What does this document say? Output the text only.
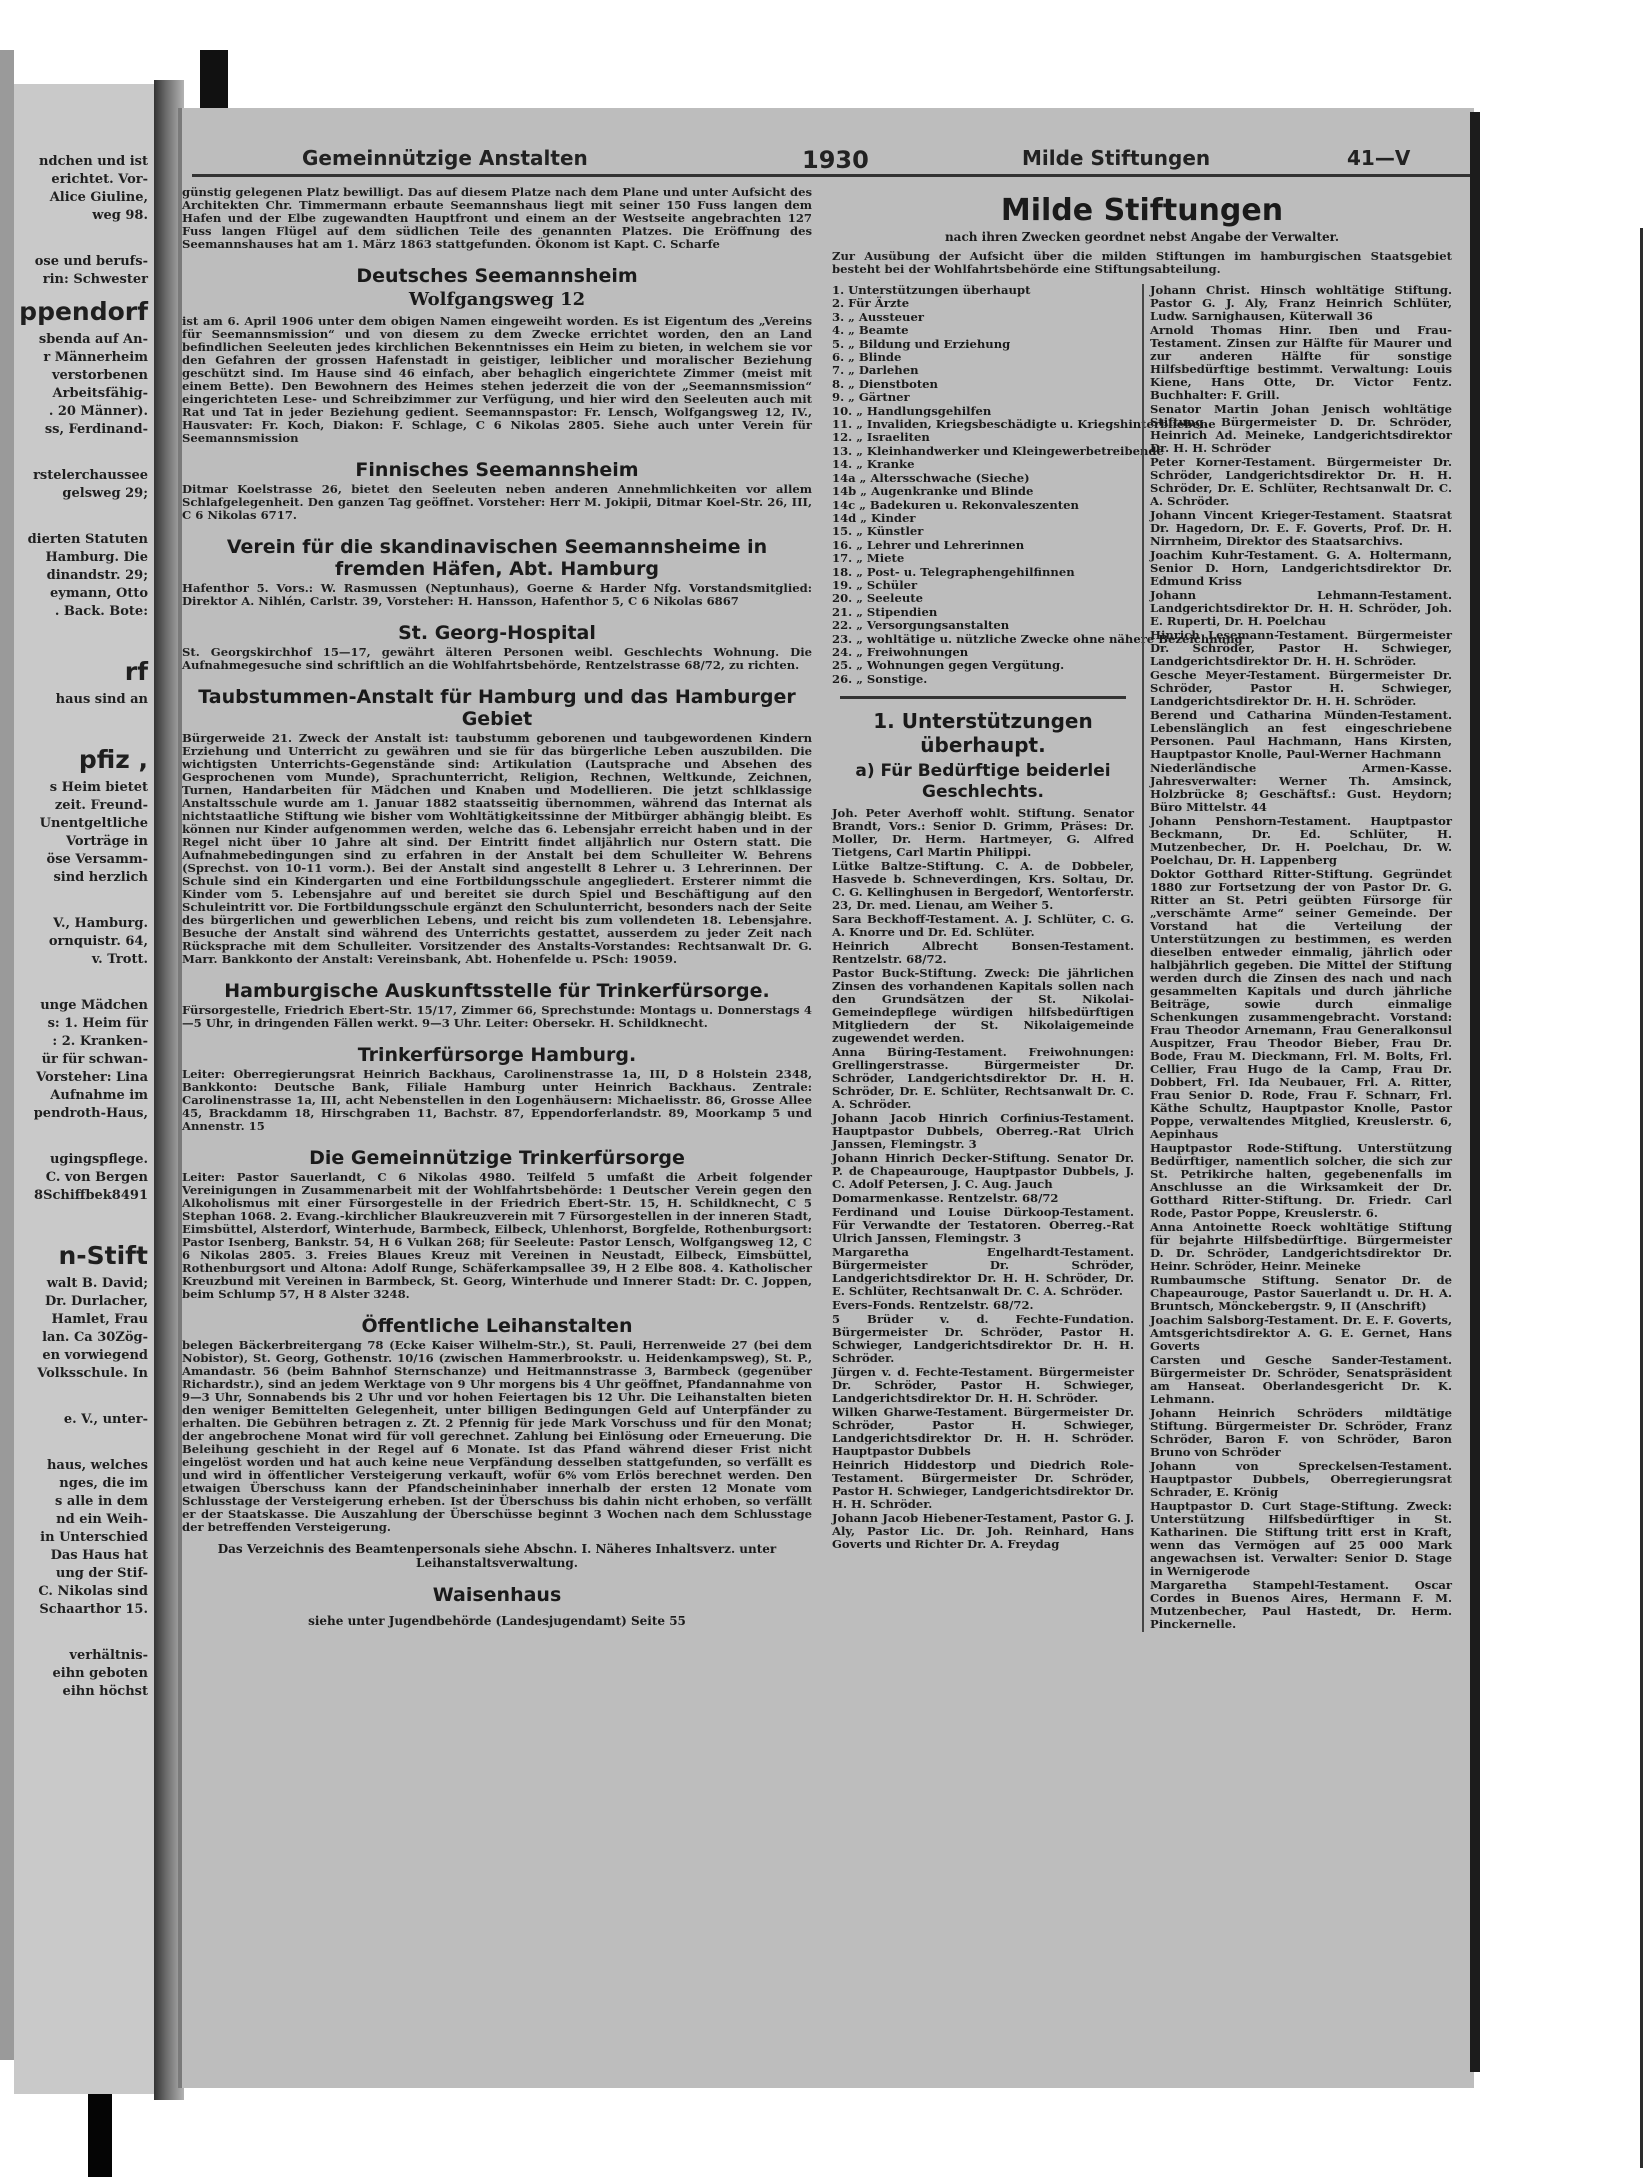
ndchen und ist
erichtet. Vor-
Alice Giuline,
weg 98.
ose und berufs-
rin: Schwester
ppendorf
sbenda auf An-
r Männerheim
verstorbenen
Arbeitsfähig-
. 20 Männer).
ss, Ferdinand-
rstelerchaussee
gelsweg 29;
dierten Statuten
Hamburg. Die
dinandstr. 29;
eymann, Otto
. Back. Bote:
rf
haus sind an
pfiz ,
s Heim bietet
zeit. Freund-
Unentgeltliche
Vorträge in
öse Versamm-
sind herzlich
V., Hamburg.
ornquistr. 64,
v. Trott.
unge Mädchen
s: 1. Heim für
: 2. Kranken-
ür für schwan-
Vorsteher: Lina
Aufnahme im
pendroth-Haus,
ugingspflege.
C. von Bergen
8Schiffbek8491
n-Stift
walt B. David;
Dr. Durlacher,
Hamlet, Frau
lan. Ca 30Zög-
en vorwiegend
Volksschule. In
e. V., unter-
haus, welches
nges, die im
s alle in dem
nd ein Weih-
in Unterschied
Das Haus hat
ung der Stif-
C. Nikolas sind
Schaarthor 15.
verhältnis-
eihn geboten
eihn höchst
Gemeinnützige Anstalten	1930	Milde Stiftungen	41—V

günstig gelegenen Platz bewilligt. Das auf diesem Platze nach dem Plane und unter Aufsicht des Architekten Chr. Timmermann erbaute Seemannshaus liegt mit seiner 150 Fuss langen dem Hafen und der Elbe zugewandten Hauptfront und einem an der Westseite angebrachten 127 Fuss langen Flügel auf dem südlichen Teile des genannten Platzes. Die Eröffnung des Seemannshauses hat am 1. März 1863 stattgefunden. Ökonom ist Kapt. C. Scharfe

Deutsches Seemannsheim

Wolfgangsweg 12

ist am 6. April 1906 unter dem obigen Namen eingeweiht worden. Es ist Eigentum des „Vereins für Seemannsmission“ und von diesem zu dem Zwecke errichtet worden, den an Land befindlichen Seeleuten jedes kirchlichen Bekenntnisses ein Heim zu bieten, in welchem sie vor den Gefahren der grossen Hafenstadt in geistiger, leiblicher und moralischer Beziehung geschützt sind. Im Hause sind 46 einfach, aber behaglich eingerichtete Zimmer (meist mit einem Bette). Den Bewohnern des Heimes stehen jederzeit die von der „Seemannsmission“ eingerichteten Lese- und Schreibzimmer zur Verfügung, und hier wird den Seeleuten auch mit Rat und Tat in jeder Beziehung gedient. Seemannspastor: Fr. Lensch, Wolfgangsweg 12, IV., Hausvater: Fr. Koch, Diakon: F. Schlage, C 6 Nikolas 2805. Siehe auch unter Verein für Seemannsmission

Finnisches Seemannsheim

Ditmar Koelstrasse 26, bietet den Seeleuten neben anderen Annehmlichkeiten vor allem Schlafgelegenheit. Den ganzen Tag geöffnet. Vorsteher: Herr M. Jokipii, Ditmar Koel-Str. 26, III, C 6 Nikolas 6717.

Verein für die skandinavischen Seemannsheime in fremden Häfen, Abt. Hamburg

Hafenthor 5. Vors.: W. Rasmussen (Neptunhaus), Goerne & Harder Nfg. Vorstandsmitglied: Direktor A. Nihlén, Carlstr. 39, Vorsteher: H. Hansson, Hafenthor 5, C 6 Nikolas 6867

St. Georg-Hospital

St. Georgskirchhof 15—17, gewährt älteren Personen weibl. Geschlechts Wohnung. Die Aufnahmegesuche sind schriftlich an die Wohlfahrtsbehörde, Rentzelstrasse 68/72, zu richten.

Taubstummen-Anstalt für Hamburg und das Hamburger Gebiet

Bürgerweide 21. Zweck der Anstalt ist: taubstumm geborenen und taubgewordenen Kindern Erziehung und Unterricht zu gewähren und sie für das bürgerliche Leben auszubilden. Die wichtigsten Unterrichts-Gegenstände sind: Artikulation (Lautsprache und Absehen des Gesprochenen vom Munde), Sprachunterricht, Religion, Rechnen, Weltkunde, Zeichnen, Turnen, Handarbeiten für Mädchen und Knaben und Modellieren. Die jetzt schlklassige Anstaltsschule wurde am 1. Januar 1882 staatsseitig übernommen, während das Internat als nichtstaatliche Stiftung wie bisher vom Wohltätigkeitssinne der Mitbürger abhängig bleibt. Es können nur Kinder aufgenommen werden, welche das 6. Lebensjahr erreicht haben und in der Regel nicht über 10 Jahre alt sind. Der Eintritt findet alljährlich nur Ostern statt. Die Aufnahmebedingungen sind zu erfahren in der Anstalt bei dem Schulleiter W. Behrens (Sprechst. von 10-11 vorm.). Bei der Anstalt sind angestellt 8 Lehrer u. 3 Lehrerinnen. Der Schule sind ein Kindergarten und eine Fortbildungsschule angegliedert. Ersterer nimmt die Kinder vom 5. Lebensjahre auf und bereitet sie durch Spiel und Beschäftigung auf den Schuleintritt vor. Die Fortbildungsschule ergänzt den Schulunterricht, besonders nach der Seite des bürgerlichen und gewerblichen Lebens, und reicht bis zum vollendeten 18. Lebensjahre. Besuche der Anstalt sind während des Unterrichts gestattet, ausserdem zu jeder Zeit nach Rücksprache mit dem Schulleiter. Vorsitzender des Anstalts-Vorstandes: Rechtsanwalt Dr. G. Marr. Bankkonto der Anstalt: Vereinsbank, Abt. Hohenfelde u. PSch: 19059.

Hamburgische Auskunftsstelle für Trinkerfürsorge.

Fürsorgestelle, Friedrich Ebert-Str. 15/17, Zimmer 66, Sprechstunde: Montags u. Donnerstags 4—5 Uhr, in dringenden Fällen werkt. 9—3 Uhr. Leiter: Obersekr. H. Schildknecht.

Trinkerfürsorge Hamburg.

Leiter: Oberregierungsrat Heinrich Backhaus, Carolinenstrasse 1a, III, D 8 Holstein 2348, Bankkonto: Deutsche Bank, Filiale Hamburg unter Heinrich Backhaus. Zentrale: Carolinenstrasse 1a, III, acht Nebenstellen in den Logenhäusern: Michaelisstr. 86, Grosse Allee 45, Brackdamm 18, Hirschgraben 11, Bachstr. 87, Eppendorferlandstr. 89, Moorkamp 5 und Annenstr. 15

Die Gemeinnützige Trinkerfürsorge

Leiter: Pastor Sauerlandt, C 6 Nikolas 4980. Teilfeld 5 umfaßt die Arbeit folgender Vereinigungen in Zusammenarbeit mit der Wohlfahrtsbehörde: 1 Deutscher Verein gegen den Alkoholismus mit einer Fürsorgestelle in der Friedrich Ebert-Str. 15, H. Schildknecht, C 5 Stephan 1068. 2. Evang.-kirchlicher Blaukreuzverein mit 7 Fürsorgestellen in der inneren Stadt, Eimsbüttel, Alsterdorf, Winterhude, Barmbeck, Eilbeck, Uhlenhorst, Borgfelde, Rothenburgsort: Pastor Isenberg, Bankstr. 54, H 6 Vulkan 268; für Seeleute: Pastor Lensch, Wolfgangsweg 12, C 6 Nikolas 2805. 3. Freies Blaues Kreuz mit Vereinen in Neustadt, Eilbeck, Eimsbüttel, Rothenburgsort und Altona: Adolf Runge, Schäferkampsallee 39, H 2 Elbe 808. 4. Katholischer Kreuzbund mit Vereinen in Barmbeck, St. Georg, Winterhude und Innerer Stadt: Dr. C. Joppen, beim Schlump 57, H 8 Alster 3248.

Öffentliche Leihanstalten

belegen Bäckerbreitergang 78 (Ecke Kaiser Wilhelm-Str.), St. Pauli, Herrenweide 27 (bei dem Nobistor), St. Georg, Gothenstr. 10/16 (zwischen Hammerbrookstr. u. Heidenkampsweg), St. P., Amandastr. 56 (beim Bahnhof Sternschanze) und Heitmannstrasse 3, Barmbeck (gegenüber Richardstr.), sind an jedem Werktage von 9 Uhr morgens bis 4 Uhr geöffnet, Pfandannahme von 9—3 Uhr, Sonnabends bis 2 Uhr und vor hohen Feiertagen bis 12 Uhr. Die Leihanstalten bieten den weniger Bemittelten Gelegenheit, unter billigen Bedingungen Geld auf Unterpfänder zu erhalten. Die Gebühren betragen z. Zt. 2 Pfennig für jede Mark Vorschuss und für den Monat; der angebrochene Monat wird für voll gerechnet. Zahlung bei Einlösung oder Erneuerung. Die Beleihung geschieht in der Regel auf 6 Monate. Ist das Pfand während dieser Frist nicht eingelöst worden und hat auch keine neue Verpfändung desselben stattgefunden, so verfällt es und wird in öffentlicher Versteigerung verkauft, wofür 6% vom Erlös berechnet werden. Den etwaigen Überschuss kann der Pfandscheininhaber innerhalb der ersten 12 Monate vom Schlusstage der Versteigerung erheben. Ist der Überschuss bis dahin nicht erhoben, so verfällt er der Staatskasse. Die Auszahlung der Überschüsse beginnt 3 Wochen nach dem Schlusstage der betreffenden Versteigerung.

Das Verzeichnis des Beamtenpersonals siehe Abschn. I. Näheres Inhaltsverz. unter Leihanstaltsverwaltung.

Waisenhaus

siehe unter Jugendbehörde (Landesjugendamt) Seite 55

Milde Stiftungen

nach ihren Zwecken geordnet nebst Angabe der Verwalter.

Zur Ausübung der Aufsicht über die milden Stiftungen im hamburgischen Staatsgebiet besteht bei der Wohlfahrtsbehörde eine Stiftungsabteilung.

1. Unterstützungen überhaupt

2. Für Ärzte

3. „ Aussteuer

4. „ Beamte

5. „ Bildung und Erziehung

6. „ Blinde

7. „ Darlehen

8. „ Dienstboten

9. „ Gärtner

10. „ Handlungsgehilfen

11. „ Invaliden, Kriegsbeschädigte u. Kriegshinterbliebene

12. „ Israeliten

13. „ Kleinhandwerker und Kleingewerbetreibende

14. „ Kranke

14a „ Altersschwache (Sieche)

14b „ Augenkranke und Blinde

14c „ Badekuren u. Rekonvaleszenten

14d „ Kinder

15. „ Künstler

16. „ Lehrer und Lehrerinnen

17. „ Miete

18. „ Post- u. Telegraphengehilfinnen

19. „ Schüler

20. „ Seeleute

21. „ Stipendien

22. „ Versorgungsanstalten

23. „ wohltätige u. nützliche Zwecke ohne nähere Bezeichnung

24. „ Freiwohnungen

25. „ Wohnungen gegen Vergütung.

26. „ Sonstige.

1. Unterstützungen überhaupt.
a) Für Bedürftige beiderlei Geschlechts.

Joh. Peter Averhoff wohlt. Stiftung. Senator Brandt, Vors.: Senior D. Grimm, Präses: Dr. Moller, Dr. Herm. Hartmeyer, G. Alfred Tietgens, Carl Martin Philippi.

Lütke Baltze-Stiftung. C. A. de Dobbeler, Hasvede b. Schneverdingen, Krs. Soltau, Dr. C. G. Kellinghusen in Bergedorf, Wentorferstr. 23, Dr. med. Lienau, am Weiher 5.

Sara Beckhoff-Testament. A. J. Schlüter, C. G. A. Knorre und Dr. Ed. Schlüter.

Heinrich Albrecht Bonsen-Testament. Rentzelstr. 68/72.

Pastor Buck-Stiftung. Zweck: Die jährlichen Zinsen des vorhandenen Kapitals sollen nach den Grundsätzen der St. Nikolai-Gemeindepflege würdigen hilfsbedürftigen Mitgliedern der St. Nikolaigemeinde zugewendet werden.

Anna Büring-Testament. Freiwohnungen: Grellingerstrasse. Bürgermeister Dr. Schröder, Landgerichtsdirektor Dr. H. H. Schröder, Dr. E. Schlüter, Rechtsanwalt Dr. C. A. Schröder.

Johann Jacob Hinrich Corfinius-Testament. Hauptpastor Dubbels, Oberreg.-Rat Ulrich Janssen, Flemingstr. 3

Johann Hinrich Decker-Stiftung. Senator Dr. P. de Chapeaurouge, Hauptpastor Dubbels, J. C. Adolf Petersen, J. C. Aug. Jauch

Domarmenkasse. Rentzelstr. 68/72

Ferdinand und Louise Dürkoop-Testament. Für Verwandte der Testatoren. Oberreg.-Rat Ulrich Janssen, Flemingstr. 3

Margaretha Engelhardt-Testament. Bürgermeister Dr. Schröder, Landgerichtsdirektor Dr. H. H. Schröder, Dr. E. Schlüter, Rechtsanwalt Dr. C. A. Schröder.

Evers-Fonds. Rentzelstr. 68/72.

5 Brüder v. d. Fechte-Fundation. Bürgermeister Dr. Schröder, Pastor H. Schwieger, Landgerichtsdirektor Dr. H. H. Schröder.

Jürgen v. d. Fechte-Testament. Bürgermeister Dr. Schröder, Pastor H. Schwieger, Landgerichtsdirektor Dr. H. H. Schröder.

Wilken Gharwe-Testament. Bürgermeister Dr. Schröder, Pastor H. Schwieger, Landgerichtsdirektor Dr. H. H. Schröder. Hauptpastor Dubbels

Heinrich Hiddestorp und Diedrich Role-Testament. Bürgermeister Dr. Schröder, Pastor H. Schwieger, Landgerichtsdirektor Dr. H. H. Schröder.

Johann Jacob Hiebener-Testament, Pastor G. J. Aly, Pastor Lic. Dr. Joh. Reinhard, Hans Goverts und Richter Dr. A. Freydag

Johann Christ. Hinsch wohltätige Stiftung. Pastor G. J. Aly, Franz Heinrich Schlüter, Ludw. Sarnighausen, Küterwall 36

Arnold Thomas Hinr. Iben und Frau-Testament. Zinsen zur Hälfte für Maurer und zur anderen Hälfte für sonstige Hilfsbedürftige bestimmt. Verwaltung: Louis Kiene, Hans Otte, Dr. Victor Fentz. Buchhalter: F. Grill.

Senator Martin Johan Jenisch wohltätige Stiftung. Bürgermeister D. Dr. Schröder, Heinrich Ad. Meineke, Landgerichtsdirektor Dr. H. H. Schröder

Peter Korner-Testament. Bürgermeister Dr. Schröder, Landgerichtsdirektor Dr. H. H. Schröder, Dr. E. Schlüter, Rechtsanwalt Dr. C. A. Schröder.

Johann Vincent Krieger-Testament. Staatsrat Dr. Hagedorn, Dr. E. F. Goverts, Prof. Dr. H. Nirrnheim, Direktor des Staatsarchivs.

Joachim Kuhr-Testament. G. A. Holtermann, Senior D. Horn, Landgerichtsdirektor Dr. Edmund Kriss

Johann Lehmann-Testament. Landgerichtsdirektor Dr. H. H. Schröder, Joh. E. Ruperti, Dr. H. Poelchau

Hinrich Lesemann-Testament. Bürgermeister Dr. Schröder, Pastor H. Schwieger, Landgerichtsdirektor Dr. H. H. Schröder.

Gesche Meyer-Testament. Bürgermeister Dr. Schröder, Pastor H. Schwieger, Landgerichtsdirektor Dr. H. H. Schröder.

Berend und Catharina Münden-Testament. Lebenslänglich an fest eingeschriebene Personen. Paul Hachmann, Hans Kirsten, Hauptpastor Knolle, Paul-Werner Hachmann

Niederländische Armen-Kasse. Jahresverwalter: Werner Th. Amsinck, Holzbrücke 8; Geschäftsf.: Gust. Heydorn; Büro Mittelstr. 44

Johann Penshorn-Testament. Hauptpastor Beckmann, Dr. Ed. Schlüter, H. Mutzenbecher, Dr. H. Poelchau, Dr. W. Poelchau, Dr. H. Lappenberg

Doktor Gotthard Ritter-Stiftung. Gegründet 1880 zur Fortsetzung der von Pastor Dr. G. Ritter an St. Petri geübten Fürsorge für „verschämte Arme“ seiner Gemeinde. Der Vorstand hat die Verteilung der Unterstützungen zu bestimmen, es werden dieselben entweder einmalig, jährlich oder halbjährlich gegeben. Die Mittel der Stiftung werden durch die Zinsen des nach und nach gesammelten Kapitals und durch jährliche Beiträge, sowie durch einmalige Schenkungen zusammengebracht. Vorstand: Frau Theodor Arnemann, Frau Generalkonsul Auspitzer, Frau Theodor Bieber, Frau Dr. Bode, Frau M. Dieckmann, Frl. M. Bolts, Frl. Cellier, Frau Hugo de la Camp, Frau Dr. Dobbert, Frl. Ida Neubauer, Frl. A. Ritter, Frau Senior D. Rode, Frau F. Schnarr, Frl. Käthe Schultz, Hauptpastor Knolle, Pastor Poppe, verwaltendes Mitglied, Kreuslerstr. 6, Aepinhaus

Hauptpastor Rode-Stiftung. Unterstützung Bedürftiger, namentlich solcher, die sich zur St. Petrikirche halten, gegebenenfalls im Anschlusse an die Wirksamkeit der Dr. Gotthard Ritter-Stiftung. Dr. Friedr. Carl Rode, Pastor Poppe, Kreuslerstr. 6.

Anna Antoinette Roeck wohltätige Stiftung für bejahrte Hilfsbedürftige. Bürgermeister D. Dr. Schröder, Landgerichtsdirektor Dr. Heinr. Schröder, Heinr. Meineke

Rumbaumsche Stiftung. Senator Dr. de Chapeaurouge, Pastor Sauerlandt u. Dr. H. A. Bruntsch, Mönckebergstr. 9, II (Anschrift)

Joachim Salsborg-Testament. Dr. E. F. Goverts, Amtsgerichtsdirektor A. G. E. Gernet, Hans Goverts

Carsten und Gesche Sander-Testament. Bürgermeister Dr. Schröder, Senatspräsident am Hanseat. Oberlandesgericht Dr. K. Lehmann.

Johann Heinrich Schröders mildtätige Stiftung. Bürgermeister Dr. Schröder, Franz Schröder, Baron F. von Schröder, Baron Bruno von Schröder

Johann von Spreckelsen-Testament. Hauptpastor Dubbels, Oberregierungsrat Schrader, E. Krönig

Hauptpastor D. Curt Stage-Stiftung. Zweck: Unterstützung Hilfsbedürftiger in St. Katharinen. Die Stiftung tritt erst in Kraft, wenn das Vermögen auf 25 000 Mark angewachsen ist. Verwalter: Senior D. Stage in Wernigerode

Margaretha Stampehl-Testament. Oscar Cordes in Buenos Aires, Hermann F. M. Mutzenbecher, Paul Hastedt, Dr. Herm. Pinckernelle.
